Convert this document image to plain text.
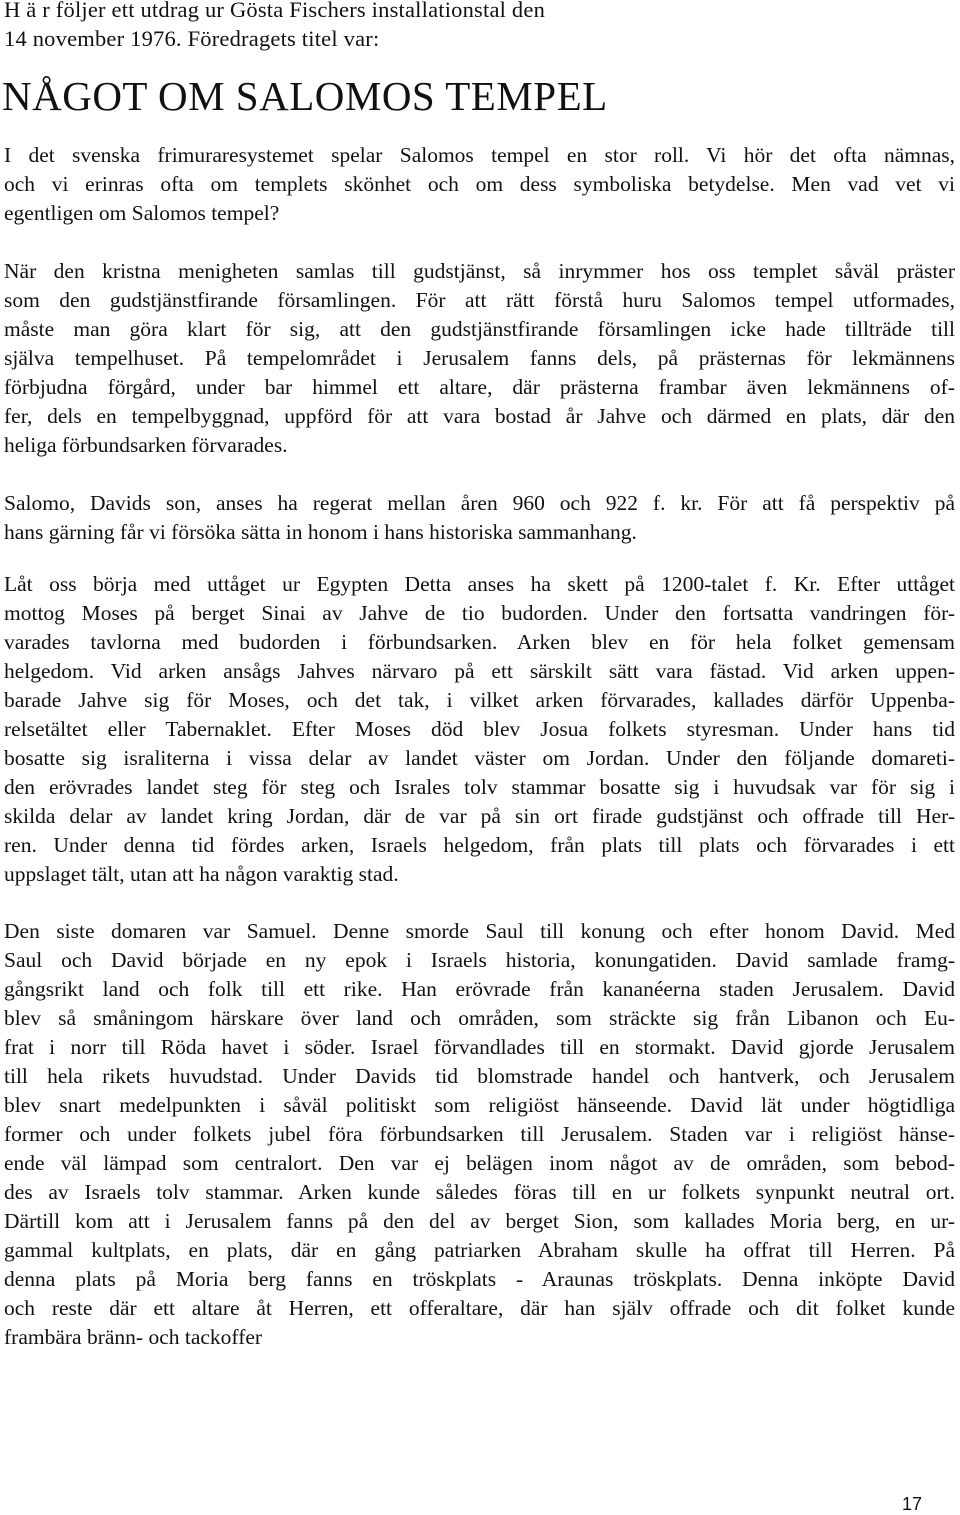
H ä r följer ett utdrag ur Gösta Fischers installationstal den
14 november 1976. Föredragets titel var:
NÅGOT OM SALOMOS TEMPEL
I det svenska frimuraresystemet spelar Salomos tempel en stor roll. Vi hör det ofta nämnas,
och vi erinras ofta om templets skönhet och om dess symboliska betydelse. Men vad vet vi
egentligen om Salomos tempel?
När den kristna menigheten samlas till gudstjänst, så inrymmer hos oss templet såväl präster
som den gudstjänstfirande församlingen. För att rätt förstå huru Salomos tempel utformades,
måste man göra klart för sig, att den gudstjänstfirande församlingen icke hade tillträde till
själva tempelhuset. På tempelområdet i Jerusalem fanns dels, på prästernas för lekmännens
förbjudna förgård, under bar himmel ett altare, där prästerna frambar även lekmännens of-
fer, dels en tempelbyggnad, uppförd för att vara bostad år Jahve och därmed en plats, där den
heliga förbundsarken förvarades.
Salomo, Davids son, anses ha regerat mellan åren 960 och 922 f. kr. För att få perspektiv på
hans gärning får vi försöka sätta in honom i hans historiska sammanhang.
Låt oss börja med uttåget ur Egypten Detta anses ha skett på 1200-talet f. Kr. Efter uttåget
mottog Moses på berget Sinai av Jahve de tio budorden. Under den fortsatta vandringen för-
varades tavlorna med budorden i förbundsarken. Arken blev en för hela folket gemensam
helgedom. Vid arken ansågs Jahves närvaro på ett särskilt sätt vara fästad. Vid arken uppen-
barade Jahve sig för Moses, och det tak, i vilket arken förvarades, kallades därför Uppenba-
relsetältet eller Tabernaklet. Efter Moses död blev Josua folkets styresman. Under hans tid
bosatte sig israliterna i vissa delar av landet väster om Jordan. Under den följande domareti-
den erövrades landet steg för steg och Israles tolv stammar bosatte sig i huvudsak var för sig i
skilda delar av landet kring Jordan, där de var på sin ort firade gudstjänst och offrade till Her-
ren. Under denna tid fördes arken, Israels helgedom, från plats till plats och förvarades i ett
uppslaget tält, utan att ha någon varaktig stad.
Den siste domaren var Samuel. Denne smorde Saul till konung och efter honom David. Med
Saul och David började en ny epok i Israels historia, konungatiden. David samlade framg-
gångsrikt land och folk till ett rike. Han erövrade från kananéerna staden Jerusalem. David
blev så småningom härskare över land och områden, som sträckte sig från Libanon och Eu-
frat i norr till Röda havet i söder. Israel förvandlades till en stormakt. David gjorde Jerusalem
till hela rikets huvudstad. Under Davids tid blomstrade handel och hantverk, och Jerusalem
blev snart medelpunkten i såväl politiskt som religiöst hänseende. David lät under högtidliga
former och under folkets jubel föra förbundsarken till Jerusalem. Staden var i religiöst hänse-
ende väl lämpad som centralort. Den var ej belägen inom något av de områden, som bebod-
des av Israels tolv stammar. Arken kunde således föras till en ur folkets synpunkt neutral ort.
Därtill kom att i Jerusalem fanns på den del av berget Sion, som kallades Moria berg, en ur-
gammal kultplats, en plats, där en gång patriarken Abraham skulle ha offrat till Herren. På
denna plats på Moria berg fanns en tröskplats - Araunas tröskplats. Denna inköpte David
och reste där ett altare åt Herren, ett offeraltare, där han själv offrade och dit folket kunde
frambära bränn- och tackoffer
17
